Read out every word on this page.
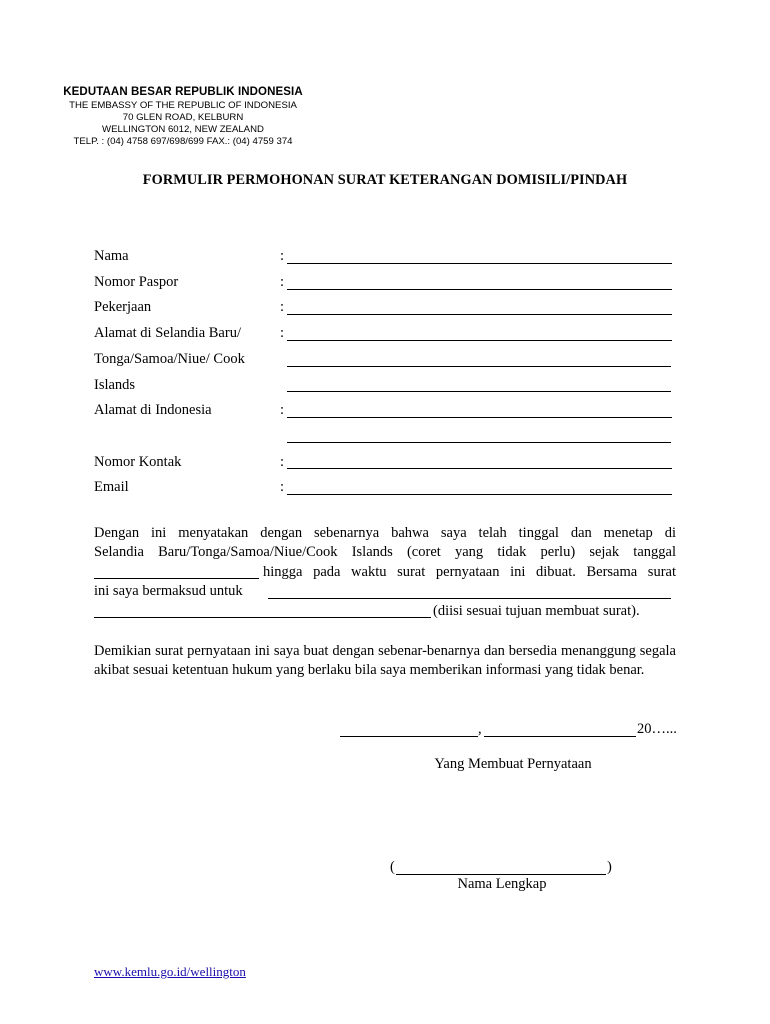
KEDUTAAN BESAR REPUBLIK INDONESIA
THE EMBASSY OF THE REPUBLIC OF INDONESIA
70 GLEN ROAD, KELBURN
WELLINGTON 6012, NEW ZEALAND
TELP. : (04) 4758 697/698/699 FAX.: (04) 4759 374
FORMULIR PERMOHONAN SURAT KETERANGAN DOMISILI/PINDAH
Nama	:
Nomor Paspor	:
Pekerjaan	:
Alamat di Selandia Baru/	:
Tonga/Samoa/Niue/ Cook
Islands
Alamat di Indonesia	:
Nomor Kontak	:
Email	:
Dengan ini menyatakan dengan sebenarnya bahwa saya telah tinggal dan menetap di
Selandia Baru/Tonga/Samoa/Niue/Cook Islands (coret yang tidak perlu) sejak tanggal
hingga pada waktu surat pernyataan ini dibuat. Bersama surat
ini saya bermaksud untuk
(diisi sesuai tujuan membuat surat).
Demikian surat pernyataan ini saya buat dengan sebenar-benarnya dan bersedia menanggung segala akibat sesuai ketentuan hukum yang berlaku bila saya memberikan informasi yang tidak benar.
,	20…...
Yang Membuat Pernyataan
(	)
Nama Lengkap
www.kemlu.go.id/wellington
